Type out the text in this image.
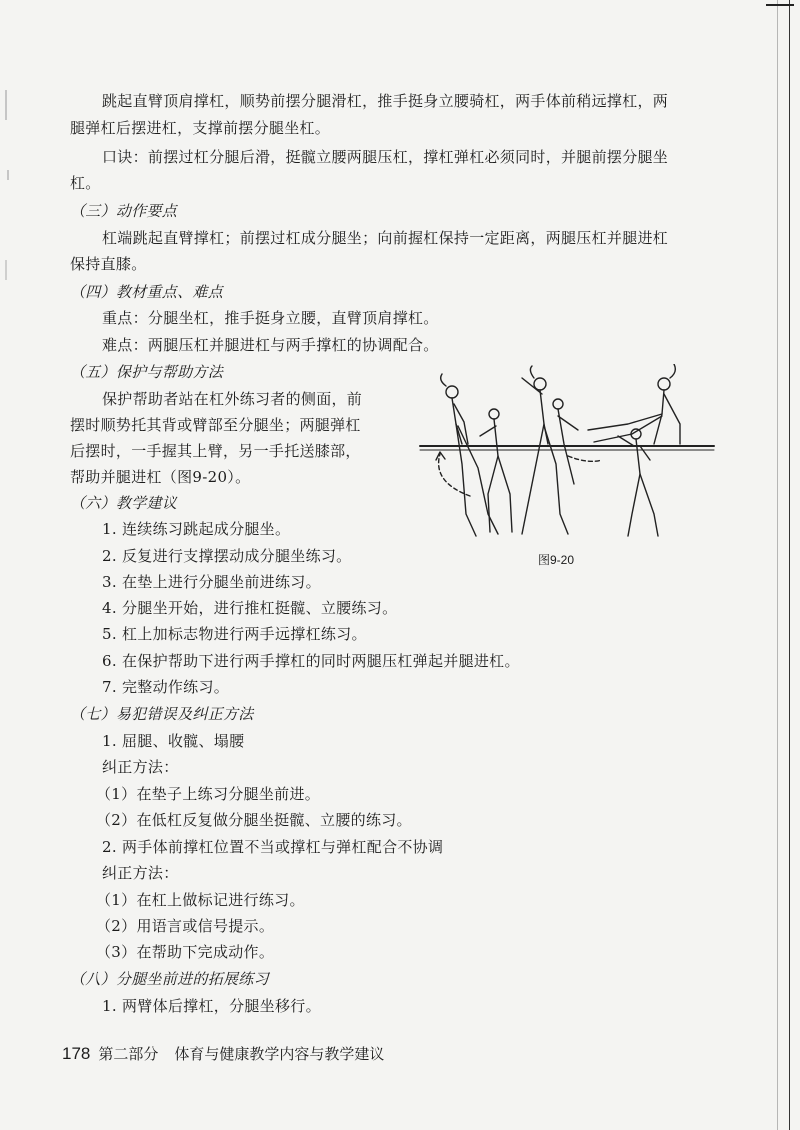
跳起直臂顶肩撑杠，顺势前摆分腿滑杠，推手挺身立腰骑杠，两手体前稍远撑杠，两
腿弹杠后摆进杠，支撑前摆分腿坐杠。
口诀：前摆过杠分腿后滑，挺髋立腰两腿压杠，撑杠弹杠必须同时，并腿前摆分腿坐
杠。
（三）动作要点
杠端跳起直臂撑杠；前摆过杠成分腿坐；向前握杠保持一定距离，两腿压杠并腿进杠
保持直膝。
（四）教材重点、难点
重点：分腿坐杠，推手挺身立腰，直臂顶肩撑杠。
难点：两腿压杠并腿进杠与两手撑杠的协调配合。
（五）保护与帮助方法
保护帮助者站在杠外练习者的侧面，前
摆时顺势托其背或臂部至分腿坐；两腿弹杠
后摆时，一手握其上臂，另一手托送膝部，
帮助并腿进杠（图9-20）。
图9-20
（六）教学建议
1. 连续练习跳起成分腿坐。
2. 反复进行支撑摆动成分腿坐练习。
3. 在垫上进行分腿坐前进练习。
4. 分腿坐开始，进行推杠挺髋、立腰练习。
5. 杠上加标志物进行两手远撑杠练习。
6. 在保护帮助下进行两手撑杠的同时两腿压杠弹起并腿进杠。
7. 完整动作练习。
（七）易犯错误及纠正方法
1. 屈腿、收髋、塌腰
纠正方法：
（1）在垫子上练习分腿坐前进。
（2）在低杠反复做分腿坐挺髋、立腰的练习。
2. 两手体前撑杠位置不当或撑杠与弹杠配合不协调
纠正方法：
（1）在杠上做标记进行练习。
（2）用语言或信号提示。
（3）在帮助下完成动作。
（八）分腿坐前进的拓展练习
1. 两臂体后撑杠，分腿坐移行。
178 第二部分 体育与健康教学内容与教学建议
